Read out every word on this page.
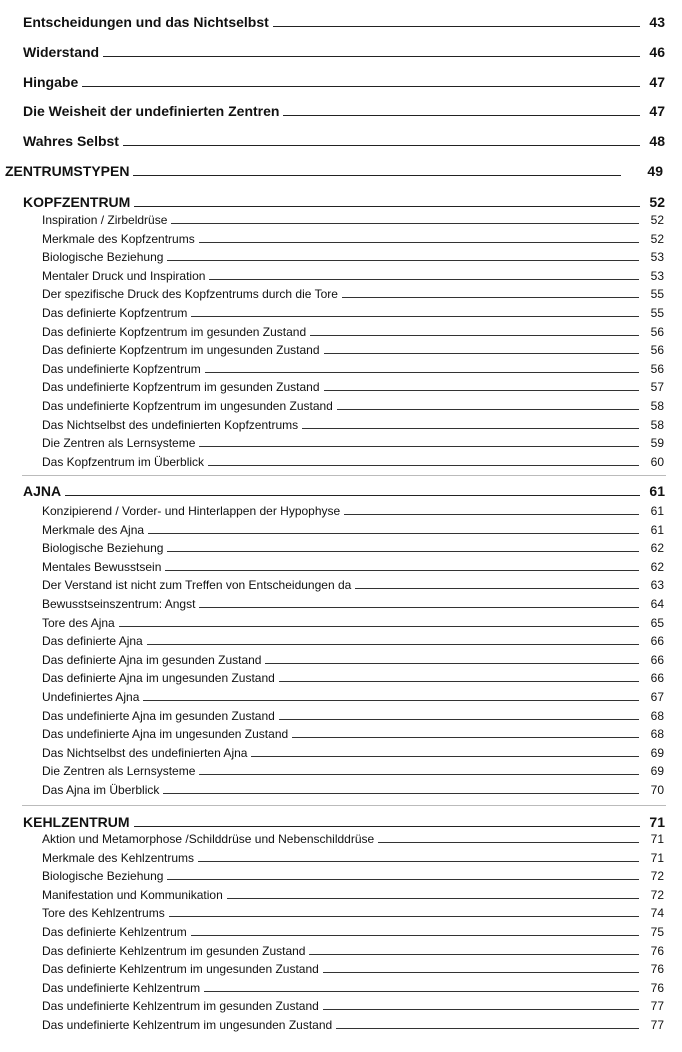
Entscheidungen und das Nichtselbst	43
Widerstand	46
Hingabe	47
Die Weisheit der undefinierten Zentren	47
Wahres Selbst	48
ZENTRUMSTYPEN	49
KOPFZENTRUM	52
Inspiration / Zirbeldrüse	52
Merkmale des Kopfzentrums	52
Biologische Beziehung	53
Mentaler Druck und Inspiration	53
Der spezifische Druck des Kopfzentrums durch die Tore	55
Das definierte Kopfzentrum	55
Das definierte Kopfzentrum im gesunden Zustand	56
Das definierte Kopfzentrum im ungesunden Zustand	56
Das undefinierte Kopfzentrum	56
Das undefinierte Kopfzentrum im gesunden Zustand	57
Das undefinierte Kopfzentrum im ungesunden Zustand	58
Das Nichtselbst des undefinierten Kopfzentrums	58
Die Zentren als Lernsysteme	59
Das Kopfzentrum im Überblick	60
AJNA	61
Konzipierend / Vorder- und Hinterlappen der Hypophyse	61
Merkmale des Ajna	61
Biologische Beziehung	62
Mentales Bewusstsein	62
Der Verstand ist nicht zum Treffen von Entscheidungen da	63
Bewusstseinszentrum: Angst	64
Tore des Ajna	65
Das definierte Ajna	66
Das definierte Ajna im gesunden Zustand	66
Das definierte Ajna im ungesunden Zustand	66
Undefiniertes Ajna	67
Das undefinierte Ajna im gesunden Zustand	68
Das undefinierte Ajna im ungesunden Zustand	68
Das Nichtselbst des undefinierten Ajna	69
Die Zentren als Lernsysteme	69
Das Ajna im Überblick	70
KEHLZENTRUM	71
Aktion und Metamorphose /Schilddrüse und Nebenschilddrüse	71
Merkmale des Kehlzentrums	71
Biologische Beziehung	72
Manifestation und Kommunikation	72
Tore des Kehlzentrums	74
Das definierte Kehlzentrum	75
Das definierte Kehlzentrum im gesunden Zustand	76
Das definierte Kehlzentrum im ungesunden Zustand	76
Das undefinierte Kehlzentrum	76
Das undefinierte Kehlzentrum im gesunden Zustand	77
Das undefinierte Kehlzentrum im ungesunden Zustand	77
